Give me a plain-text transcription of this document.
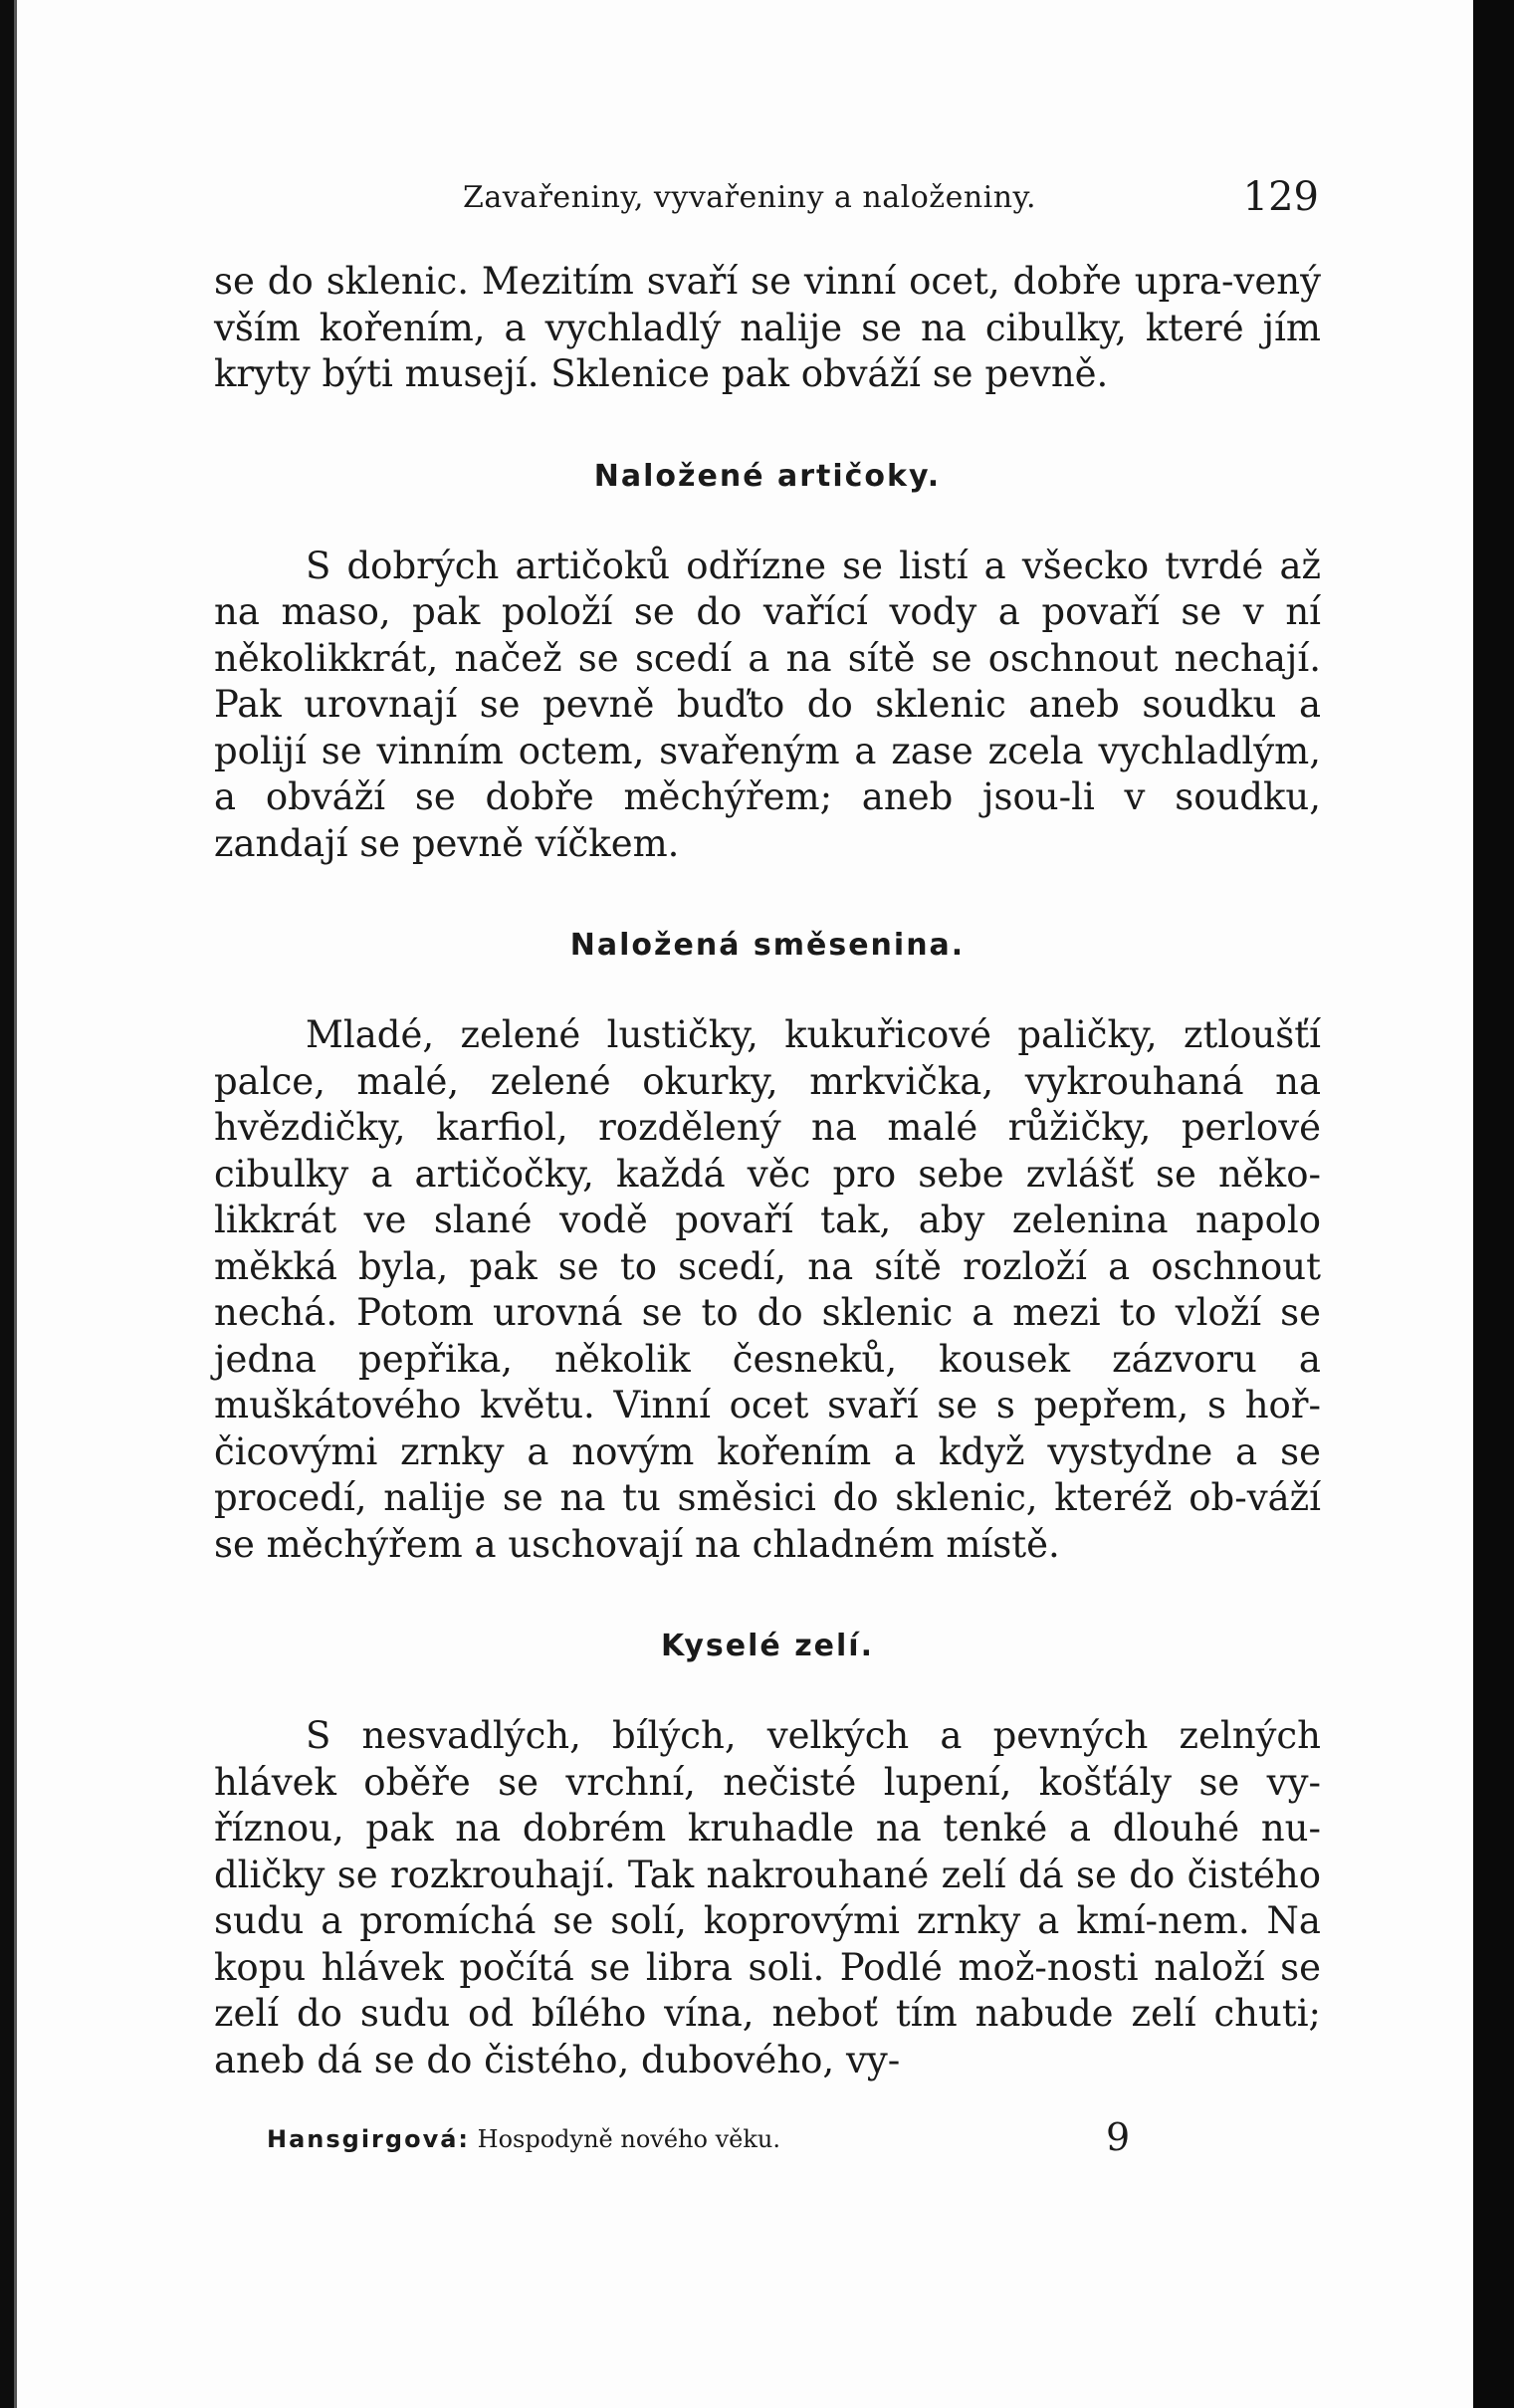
Zavařeniny, vyvařeniny a naloženiny.	129

se do sklenic. Mezitím svaří se vinní ocet, dobře upra-vený vším kořením, a vychladlý nalije se na cibulky, které jím kryty býti musejí. Sklenice pak obváží se pevně.

Naložené artičoky.

S dobrých artičoků odřízne se listí a všecko tvrdé až na maso, pak položí se do vařící vody a povaří se v ní několikkrát, načež se scedí a na sítě se oschnout nechají. Pak urovnají se pevně buďto do sklenic aneb soudku a polijí se vinním octem, svařeným a zase zcela vychladlým, a obváží se dobře měchýřem; aneb jsou-li v soudku, zandají se pevně víčkem.

Naložená směsenina.

Mladé, zelené lustičky, kukuřicové paličky, ztloušťí palce, malé, zelené okurky, mrkvička, vykrouhaná na hvězdičky, karfiol, rozdělený na malé růžičky, perlové cibulky a artičočky, každá věc pro sebe zvlášť se něko-likkrát ve slané vodě povaří tak, aby zelenina napolo měkká byla, pak se to scedí, na sítě rozloží a oschnout nechá. Potom urovná se to do sklenic a mezi to vloží se jedna pepřika, několik česneků, kousek zázvoru a muškátového květu. Vinní ocet svaří se s pepřem, s hoř-čicovými zrnky a novým kořením a když vystydne a se procedí, nalije se na tu směsici do sklenic, kteréž ob-váží se měchýřem a uschovají na chladném místě.

Kyselé zelí.

S nesvadlých, bílých, velkých a pevných zelných hlávek oběře se vrchní, nečisté lupení, košťály se vy-říznou, pak na dobrém kruhadle na tenké a dlouhé nu-dličky se rozkrouhají. Tak nakrouhané zelí dá se do čistého sudu a promíchá se solí, koprovými zrnky a kmí-nem. Na kopu hlávek počítá se libra soli. Podlé mož-nosti naloží se zelí do sudu od bílého vína, neboť tím nabude zelí chuti; aneb dá se do čistého, dubového, vy-

Hansgirgová: Hospodyně nového věku.	9
